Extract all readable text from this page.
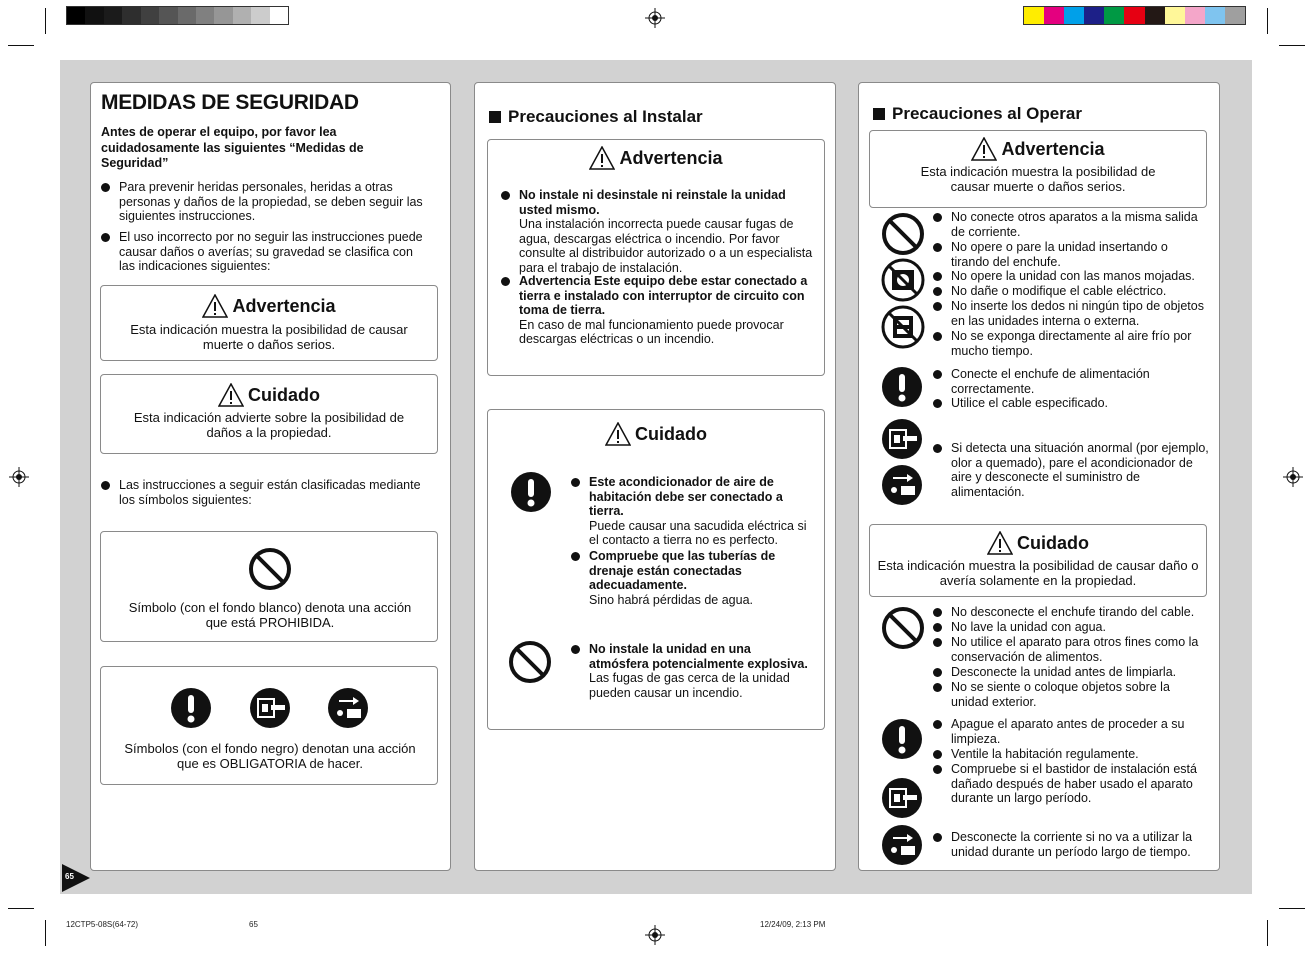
65
MEDIDAS DE SEGURIDAD
Antes de operar el equipo, por favor lea cuidadosamente las siguientes “Medidas de Seguridad”
Para prevenir heridas personales, heridas a otras personas y daños de la propiedad, se deben seguir las siguientes instrucciones.
El uso incorrecto por no seguir las instrucciones puede causar daños o averías; su gravedad se clasifica con las indicaciones siguientes:
Advertencia
Esta indicación muestra la posibilidad de causar muerte o daños serios.
Cuidado
Esta indicación advierte sobre la posibilidad de daños a la propiedad.
Las instrucciones a seguir están clasificadas mediante los símbolos siguientes:
Símbolo (con el fondo blanco) denota una acción que está PROHIBIDA.
Símbolos (con el fondo negro) denotan una acción que es OBLIGATORIA de hacer.
Precauciones al Instalar
Advertencia
No instale ni desinstale ni reinstale la unidad usted mismo.
Una instalación incorrecta puede causar fugas de agua, descargas eléctrica o incendio. Por favor consulte al distribuidor autorizado o a un especialista para el trabajo de instalación.
Advertencia Este equipo debe estar conectado a tierra e instalado con interruptor de circuito con toma de tierra.
En caso de mal funcionamiento puede provocar descargas eléctricas o un incendio.
Cuidado
Este acondicionador de aire de habitación debe ser conectado a tierra.
Puede causar una sacudida eléctrica si el contacto a tierra no es perfecto.
Compruebe que las tuberías de drenaje están conectadas adecuadamente.
Sino habrá pérdidas de agua.
No instale la unidad en una atmósfera potencialmente explosiva.
Las fugas de gas cerca de la unidad pueden causar un incendio.
Precauciones al Operar
Advertencia
Esta indicación muestra la posibilidad de causar muerte o daños serios.
No conecte otros aparatos a la misma salida de corriente.
No opere o pare la unidad insertando o tirando del enchufe.
No opere la unidad con las manos mojadas.
No dañe o modifique el cable eléctrico.
No inserte los dedos ni ningún tipo de objetos en las unidades interna o externa.
No se exponga directamente al aire frío por mucho tiempo.
Conecte el enchufe de alimentación correctamente.
Utilice el cable especificado.
Si detecta una situación anormal (por ejemplo, olor a quemado), pare el acondicionador de aire y desconecte el suministro de alimentación.
Cuidado
Esta indicación muestra la posibilidad de causar daño o avería solamente en la propiedad.
No desconecte el enchufe tirando del cable.
No lave la unidad con agua.
No utilice el aparato para otros fines como la conservación de alimentos.
Desconecte la unidad antes de limpiarla.
No se siente o coloque objetos sobre la unidad exterior.
Apague el aparato antes de proceder a su limpieza.
Ventile la habitación regulamente.
Compruebe si el bastidor de instalación está dañado después de haber usado el aparato durante un largo período.
Desconecte la corriente si no va a utilizar la unidad durante un período largo de tiempo.
12CTP5-08S(64-72)	65	12/24/09, 2:13 PM
